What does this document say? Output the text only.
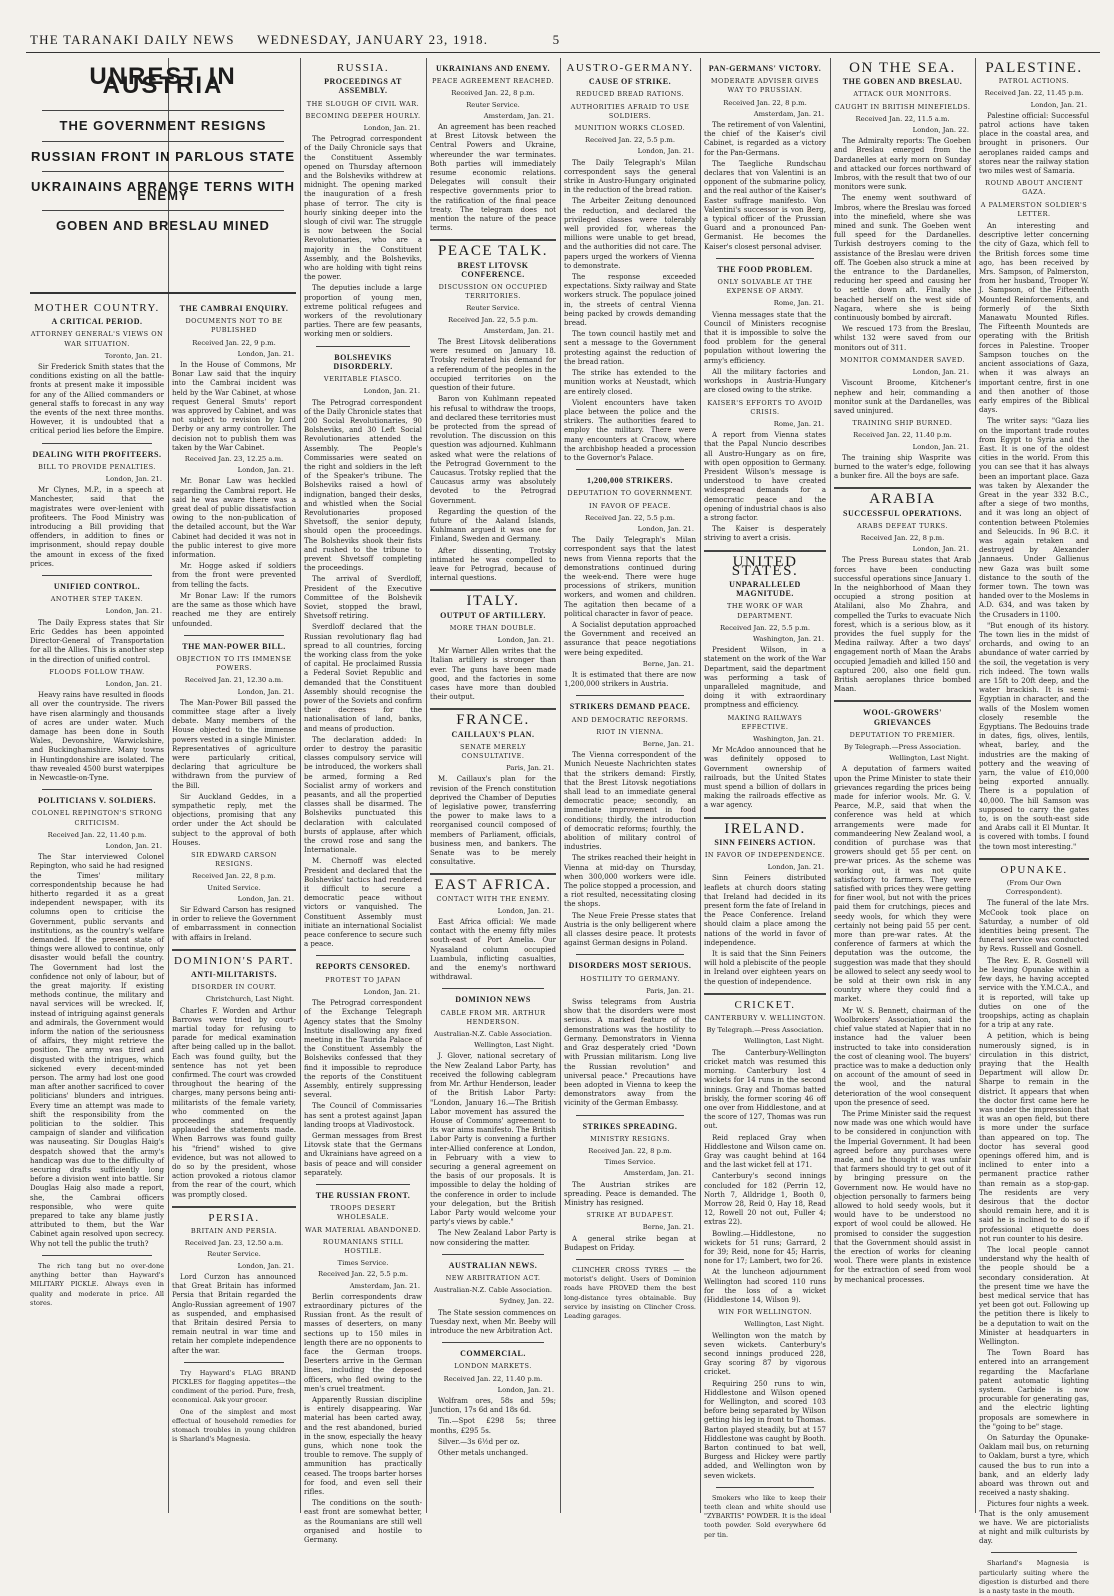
THE TARANAKI DAILY NEWS WEDNESDAY, JANUARY 23, 1918.	5
UNREST IN AUSTRIA
THE GOVERNMENT RESIGNS
RUSSIAN FRONT IN PARLOUS STATE
UKRAINAINS ARRANGE TERNS WITH ENEMY
GOBEN AND BRESLAU MINED
MOTHER COUNTRY.
A CRITICAL PERIOD.
ATTORNEY GENERAL'S VIEWS ON WAR SITUATION.
Toronto, Jan. 21.

Sir Frederick Smith states that the conditions existing on all the battle-fronts at present make it impossible for any of the Allied commanders or general staffs to forecast in any way the events of the next three months. However, it is undoubted that a critical period lies before the Empire.

DEALING WITH PROFITEERS.
BILL TO PROVIDE PENALTIES.
London, Jan. 21.

Mr Clynes, M.P., in a speech at Manchester, said that the magistrates were over-lenient with profiteers. The Food Ministry was introducing a Bill providing that offenders, in addition to fines or imprisonment, should repay double the amount in excess of the fixed prices.

UNIFIED CONTROL.
ANOTHER STEP TAKEN.
London, Jan. 21.

The Daily Express states that Sir Eric Geddes has been appointed Director-General of Transportation for all the Allies. This is another step in the direction of unified control.

FLOODS FOLLOW THAW.
London, Jan. 21.

Heavy rains have resulted in floods all over the countryside. The rivers have risen alarmingly and thousands of acres are under water. Much damage has been done in South Wales, Devonshire, Warwickshire, and Buckinghamshire. Many towns in Huntingdonshire are isolated. The thaw revealed 4500 burst waterpipes in Newcastle-on-Tyne.

POLITICIANS V. SOLDIERS.
COLONEL REPINGTON'S STRONG CRITICISM.
Received Jan. 22, 11.40 p.m.
London, Jan. 21.

The Star interviewed Colonel Repington, who said he had resigned the Times' military correspondentship because he had hitherto regarded it as a great independent newspaper, with its columns open to criticise the Government, public servants and institutions, as the country's welfare demanded. If the present state of things were allowed to continue, only disaster would befall the country. The Government had lost the confidence not only of labour, but of the great majority. If existing methods continue, the military and naval services will be wrecked. If, instead of intriguing against generals and admirals, the Government would inform the nation of the seriousness of affairs, they might retrieve the position. The army was tired and disgusted with the intrigues, which sickened every decent-minded person. The army had lost one good man after another sacrificed to cover politicians' blunders and intrigues. Every time an attempt was made to shift the responsibility from the politician to the soldier. This campaign of slander and vilification was nauseating. Sir Douglas Haig's despatch showed that the army's handicap was due to the difficulty of securing drafts sufficiently long before a division went into battle. Sir Douglas Haig also made a report, she, the Cambrai officers responsible, who were quite prepared to take any blame justly attributed to them, but the War Cabinet again resolved upon secrecy. Why not tell the public the truth?

The rich tang but no over-done anything better than Hayward's MILITARY PICKLE. Always even in quality and moderate in price. All stores.

THE CAMBRAI ENQUIRY.
DOCUMENTS NOT TO BE PUBLISHED
Received Jan. 22, 9 p.m.
London, Jan. 21.

In the House of Commons, Mr Bonar Law said that the inquiry into the Cambrai incident was held by the War Cabinet, at whose request General Smuts' report was approved by Cabinet, and was not subject to revision by Lord Derby or any army controller. The decision not to publish them was taken by the War Cabinet.

Received Jan. 23, 12.25 a.m.
London, Jan. 21.

Mr. Bonar Law was heckled regarding the Cambrai report. He said he was aware there was a great deal of public dissatisfaction owing to the non-publication of the detailed account, but the War Cabinet had decided it was not in the public interest to give more information.

Mr. Hogge asked if soldiers from the front were prevented from telling the facts.

Mr Bonar Law: If the rumors are the same as those which have reached me they are entirely unfounded.

THE MAN-POWER BILL.
OBJECTION TO ITS IMMENSE POWERS.
Received Jan. 21, 12.30 a.m.
London, Jan. 21.

The Man-Power Bill passed the committee stage after a lively debate. Many members of the House objected to the immense powers vested in a single Minister. Representatives of agriculture were particularly critical, declaring that agriculture be withdrawn from the purview of the Bill.

Sir Auckland Geddes, in a sympathetic reply, met the objections, promising that any order under the Act should be subject to the approval of both Houses.

SIR EDWARD CARSON RESIGNS.
Received Jan. 22, 8 p.m.
United Service.
London, Jan. 21.

Sir Edward Carson has resigned in order to relieve the Government of embarrassment in connection with affairs in Ireland.

DOMINION'S PART.
ANTI-MILITARISTS.
DISORDER IN COURT.
Christchurch, Last Night.

Charles F. Worden and Arthur Barrows were tried by court-martial today for refusing to parade for medical examination after being called up in the ballot. Each was found guilty, but the sentence has not yet been confirmed. The court was crowded throughout the hearing of the charges, many persons being anti-militarists of the female variety, who commented on the proceedings and frequently applauded the statements made. When Barrows was found guilty his "friend" wished to give evidence, but was not allowed to do so by the president, whose action provoked a riotous clamor from the rear of the court, which was promptly closed.

PERSIA.
BRITAIN AND PERSIA.
Received Jan. 23, 12.50 a.m.
Reuter Service.
London, Jan. 21.

Lord Curzon has announced that Great Britain has informed Persia that Britain regarded the Anglo-Russian agreement of 1907 as suspended, and emphasised that Britain desired Persia to remain neutral in war time and retain her complete independence after the war.

Try Hayward's FLAG BRAND PICKLES for flagging appetites—the condiment of the period. Pure, fresh, economical. Ask your grocer.

One of the simplest and most effectual of household remedies for stomach troubles in young children is Sharland's Magnesia.

RUSSIA.
PROCEEDINGS AT ASSEMBLY.
THE SLOUGH OF CIVIL WAR.
BECOMING DEEPER HOURLY.
London, Jan. 21.

The Petrograd correspondent of the Daily Chronicle says that the Constituent Assembly opened on Thursday afternoon and the Bolsheviks withdrew at midnight. The opening marked the inauguration of a fresh phase of terror. The city is hourly sinking deeper into the slough of civil war. The struggle is now between the Social Revolutionaries, who are a majority in the Constituent Assembly, and the Bolsheviks, who are holding with tight reins the power.

The deputies include a large proportion of young men, extreme political refugees and workers of the revolutionary parties. There are few peasants, working men or soldiers.

BOLSHEVIKS DISORDERLY.
VERITABLE FIASCO.
London, Jan. 21.

The Petrograd correspondent of the Daily Chronicle states that 200 Social Revolutionaries, 90 Bolsheviks, and 30 Left Social Revolutionaries attended the Assembly. The People's Commissaries were seated on the right and soldiers in the left of the Speaker's tribune. The Bolsheviks raised a howl of indignation, banged their desks, and whistled when the Social Revolutionaries proposed Shvetsoff, the senior deputy, should open the proceedings. The Bolsheviks shook their fists and rushed to the tribune to prevent Shvetsoff completing the proceedings.

The arrival of Sverdloff, President of the Executive Committee of the Bolshevik Soviet, stopped the brawl, Shvetsoff retiring.

Sverdloff declared that the Russian revolutionary flag had spread to all countries, forcing the working class from the yoke of capital. He proclaimed Russia a Federal Soviet Republic and demanded that the Constituent Assembly should recognise the power of the Soviets and confirm their decrees for the nationalisation of land, banks, and means of production.

The declaration added: In order to destroy the parasitic classes compulsory service will be introduced, the workers shall be armed, forming a Red Socialist army of workers and peasants, and all the propertied classes shall be disarmed. The Bolsheviks punctuated this declaration with calculated bursts of applause, after which the crowd rose and sang the Internationale.

M. Chernoff was elected President and declared that the Bolsheviks' tactics had rendered it difficult to secure a democratic peace without victors or vanquished. The Constituent Assembly must initiate an international Socialist peace conference to secure such a peace.

REPORTS CENSORED.
PROTEST TO JAPAN
London, Jan. 21.

The Petrograd correspondent of the Exchange Telegraph Agency states that the Smolny Institute disallowing any fixed meeting in the Taurida Palace of the Constituent Assembly the Bolsheviks confessed that they find it impossible to reproduce the reports of the Constituent Assembly, entirely suppressing several.

The Council of Commissaries has sent a protest against Japan landing troops at Vladivostock.

German messages from Brest Litovsk state that the Germans and Ukrainians have agreed on a basis of peace and will consider separately.

THE RUSSIAN FRONT.
TROOPS DESERT WHOLESALE.
WAR MATERIAL ABANDONED.
ROUMANIANS STILL HOSTILE.
Times Service.
Received Jan. 22, 5.5 p.m.
Amsterdam, Jan. 21.

Berlin correspondents draw extraordinary pictures of the Russian front. As the result of masses of deserters, on many sections up to 150 miles in length there are no opponents to face the German troops. Deserters arrive in the German lines, including the deposed officers, who fled owing to the men's cruel treatment.

Apparently Russian discipline is entirely disappearing. War material has been carted away, and the rest abandoned, buried in the snow, especially the heavy guns, which none took the trouble to remove. The supply of ammunition has practically ceased. The troops barter horses for food, and even sell their rifles.

The conditions on the south-east front are somewhat better, as the Roumanians are still well organised and hostile to Germany.

UKRAINIANS AND ENEMY.
PEACE AGREEMENT REACHED.
Received Jan. 22, 8 p.m.
Reuter Service.
Amsterdam, Jan. 21.

An agreement has been reached at Brest Litovsk between the Central Powers and Ukraine, whereunder the war terminates. Both parties will immediately resume economic relations. Delegates will consult their respective governments prior to the ratification of the final peace treaty. The telegram does not mention the nature of the peace terms.

PEACE TALK.
BREST LITOVSK CONFERENCE.
DISCUSSION ON OCCUPIED TERRITORIES.
Reuter Service.
Received Jan. 22, 5.5 p.m.
Amsterdam, Jan. 21.

The Brest Litovsk deliberations were resumed on January 18. Trotsky reiterated his demand for a referendum of the peoples in the occupied territories on the question of their future.

Baron von Kuhlmann repeated his refusal to withdraw the troops, and declared these territories must be protected from the spread of revolution. The discussion on this question was adjourned. Kuhlmann asked what were the relations of the Petrograd Government to the Caucasus. Trotsky replied that the Caucasus army was absolutely devoted to the Petrograd Government.

Regarding the question of the future of the Aaland Islands, Kuhlmann argued it was one for Finland, Sweden and Germany.

After dissenting, Trotsky intimated he was compelled to leave for Petrograd, because of internal questions.

ITALY.
OUTPUT OF ARTILLERY.
MORE THAN DOUBLE.
London, Jan. 21.

Mr Warner Allen writes that the Italian artillery is stronger than ever. The guns have been made good, and the factories in some cases have more than doubled their output.

FRANCE.
CAILLAUX'S PLAN.
SENATE MERELY CONSULTATIVE.
Paris, Jan. 21.

M. Caillaux's plan for the revision of the French constitution deprived the Chamber of Deputies of legislative power, transferring the power to make laws to a reorganised council composed of members of Parliament, officials, business men, and bankers. The Senate was to be merely consultative.

EAST AFRICA.
CONTACT WITH THE ENEMY.
London, Jan. 21.

East Africa official: We made contact with the enemy fifty miles south-east of Port Amelia. Our Nyasaland column occupied Luambula, inflicting casualties, and the enemy's northward withdrawal.

DOMINION NEWS
CABLE FROM MR. ARTHUR HENDERSON.
Australian-N.Z. Cable Association.
Wellington, Last Night.

J. Glover, national secretary of the New Zealand Labor Party, has received the following cablegram from Mr. Arthur Henderson, leader of the British Labor Party: "London, January 16.—The British Labor movement has assured the House of Commons' agreement to its war aims manifesto. The British Labor Party is convening a further inter-Allied conference at London, in February with a view to securing a general agreement on the basis of our proposals. It is impossible to delay the holding of the conference in order to include your delegation, but the British Labor Party would welcome your party's views by cable."

The New Zealand Labor Party is now considering the matter.

AUSTRALIAN NEWS.
NEW ARBITRATION ACT.
Australian-N.Z. Cable Association.
Sydney, Jan. 22.

The State session commences on Tuesday next, when Mr. Beeby will introduce the new Arbitration Act.

COMMERCIAL.
LONDON MARKETS.
Received Jan. 22, 11.40 p.m.
London, Jan. 21.

Wolfram ores, 58s and 59s; Junction, 17s 6d and 18s 6d.

Tin.—Spot £298 5s; three months, £295 5s.

Silver.—3s 6½d per oz.

Other metals unchanged.

AUSTRO-GERMANY.
CAUSE OF STRIKE.
REDUCED BREAD RATIONS.
AUTHORITIES AFRAID TO USE SOLDIERS.
MUNITION WORKS CLOSED.
Received Jan. 22, 5.5 p.m.
London, Jan. 21.

The Daily Telegraph's Milan correspondent says the general strike in Austro-Hungary originated in the reduction of the bread ration.

The Arbeiter Zeitung denounced the reduction, and declared the privileged classes were tolerably well provided for, whereas the millions were unable to get bread, and the authorities did not care. The papers urged the workers of Vienna to demonstrate.

The response exceeded expectations. Sixty railway and State workers struck. The populace joined in, the streets of central Vienna being packed by crowds demanding bread.

The town council hastily met and sent a message to the Government protesting against the reduction of the bread ration.

The strike has extended to the munition works at Neustadt, which are entirely closed.

Violent encounters have taken place between the police and the strikers. The authorities feared to employ the military. There were many encounters at Cracow, where the archbishop headed a procession to the Governor's Palace.

1,200,000 STRIKERS.
DEPUTATION TO GOVERNMENT.
IN FAVOR OF PEACE.
Received Jan. 22, 5.5 p.m.
London, Jan. 21.

The Daily Telegraph's Milan correspondent says that the latest news from Vienna reports that the demonstrations continued during the week-end. There were huge processions of strikers, munition workers, and women and children. The agitation then became of a political character in favor of peace.

A Socialist deputation approached the Government and received an assurance that peace negotiations were being expedited.

Berne, Jan. 21.

It is estimated that there are now 1,200,000 strikers in Austria.

STRIKERS DEMAND PEACE.
AND DEMOCRATIC REFORMS.
RIOT IN VIENNA.
Berne, Jan. 21.

The Vienna correspondent of the Munich Neueste Nachrichten states that the strikers demand: Firstly, that the Brest Litovsk negotiations shall lead to an immediate general democratic peace; secondly, an immediate improvement in food conditions; thirdly, the introduction of democratic reforms; fourthly, the abolition of military control of industries.

The strikes reached their height in Vienna at mid-day on Thursday, when 300,000 workers were idle. The police stopped a procession, and a riot resulted, necessitating closing the shops.

The Neue Freie Presse states that Austria is the only belligerent where all classes desire peace. It protests against German designs in Poland.

DISORDERS MOST SERIOUS.
HOSTILITY TO GERMANY.
Paris, Jan. 21.

Swiss telegrams from Austria show that the disorders were most serious. A marked feature of the demonstrations was the hostility to Germany. Demonstrators in Vienna and Graz desperately cried "Down with Prussian militarism. Long live the Russian revolution" and universal peace." Precautions have been adopted in Vienna to keep the demonstrators away from the vicinity of the German Embassy.

STRIKES SPREADING.
MINISTRY RESIGNS.
Received Jan. 22, 8 p.m.
Times Service.
Amsterdam, Jan. 21.

The Austrian strikes are spreading. Peace is demanded. The Ministry has resigned.

STRIKE AT BUDAPEST.
Berne, Jan. 21.

A general strike began at Budapest on Friday.

CLINCHER CROSS TYRES — the motorist's delight. Users of Dominion roads have PROVED them the best long-distance tyres obtainable. Buy service by insisting on Clincher Cross. Leading garages.

PAN-GERMANS' VICTORY.
MODERATE ADVISER GIVES WAY TO PRUSSIAN.
Received Jan. 22, 8 p.m.
Amsterdam, Jan. 21.

The retirement of von Valentini, the chief of the Kaiser's civil Cabinet, is regarded as a victory for the Pan-Germans.

The Taegliche Rundschau declares that von Valentini is an opponent of the submarine policy, and the real author of the Kaiser's Easter suffrage manifesto. Von Valentini's successor is von Berg, a typical officer of the Prussian Guard and a pronounced Pan-Germanist. He becomes the Kaiser's closest personal adviser.

THE FOOD PROBLEM.
ONLY SOLVABLE AT THE EXPENSE OF ARMY.
Rome, Jan. 21.

Vienna messages state that the Council of Ministers recognise that it is impossible to solve the food problem for the general population without lowering the army's efficiency.

All the military factories and workshops in Austria-Hungary are closed owing to the strike.

KAISER'S EFFORTS TO AVOID CRISIS.
Rome, Jan. 21.

A report from Vienna states that the Papal Nuncio describes all Austro-Hungary as on fire, with open opposition to Germany. President Wilson's message is understood to have created widespread demands for a democratic peace and the opening of industrial chaos is also a strong factor.

The Kaiser is desperately striving to avert a crisis.

UNITED STATES.
UNPARALLELED MAGNITUDE.
THE WORK OF WAR DEPARTMENT.
Received Jan. 22, 5.5 p.m.
Washington, Jan. 21.

President Wilson, in a statement on the work of the War Department, said the department was performing a task of unparalleled magnitude, and doing it with extraordinary promptness and efficiency.

MAKING RAILWAYS EFFECTIVE.
Washington, Jan. 21.

Mr McAdoo announced that he was definitely opposed to Government ownership of railroads, but the United States must spend a billion of dollars in making the railroads effective as a war agency.

IRELAND.
SINN FEINERS ACTION.
IN FAVOR OF INDEPENDENCE.
London, Jan. 21.

Sinn Feiners distributed leaflets at church doors stating that Ireland had decided in its present form the fate of Ireland in the Peace Conference. Ireland should claim a place among the nations of the world in favor of independence.

It is said that the Sinn Feiners will hold a plebiscite of the people in Ireland over eighteen years on the question of independence.

CRICKET.
CANTERBURY V. WELLINGTON.
By Telegraph.—Press Association.
Wellington, Last Night.

The Canterbury-Wellington cricket match was resumed this morning. Canterbury lost 4 wickets for 14 runs in the second innings. Gray and Thomas batted briskly, the former scoring 46 off one over from Hiddlestone, and at the score of 127, Thomas was run out.

Reid replaced Gray when Hiddlestone and Wilson came on. Gray was caught behind at 164 and the last wicket fell at 171.

Canterbury's second innings concluded for 182 (Perrin 12, North 7, Alldridge 1, Booth 0, Morrow 28, Reid 0, Hay 18, Read 12, Rowell 20 not out, Fuller 4; extras 22).

Bowling.—Hiddlestone, no wickets for 51 runs; Garrard, 2 for 39; Reid, none for 45; Harris, none for 17; Lambert, two for 26.

At the luncheon adjournment Wellington had scored 110 runs for the loss of a wicket (Hiddlestone 14, Wilson 9).

WIN FOR WELLINGTON.
Wellington, Last Night.

Wellington won the match by seven wickets. Canterbury's second innings produced 228, Gray scoring 87 by vigorous cricket.

Requiring 250 runs to win, Hiddlestone and Wilson opened for Wellington, and scored 103 before being separated by Wilson getting his leg in front to Thomas. Barton played steadily, but at 157 Hiddlestone was caught by Booth. Barton continued to bat well, Burgess and Hickey were partly added, and Wellington won by seven wickets.

Smokers who like to keep their teeth clean and white should use "ZYBARTIS" POWDER. It is the ideal tooth powder. Sold everywhere 6d per tin.

ON THE SEA.
THE GOBEN AND BRESLAU.
ATTACK OUR MONITORS.
CAUGHT IN BRITISH MINEFIELDS.
Received Jan. 22, 11.5 a.m.
London, Jan. 22.

The Admiralty reports: The Goeben and Breslau emerged from the Dardanelles at early morn on Sunday and attacked our forces northward of Imbros, with the result that two of our monitors were sunk.

The enemy went southward of Imbros, where the Breslau was forced into the minefield, where she was mined and sunk. The Goeben went full speed for the Dardanelles. Turkish destroyers coming to the assistance of the Breslau were driven off. The Goeben also struck a mine at the entrance to the Dardanelles, reducing her speed and causing her to settle down aft. Finally she beached herself on the west side of Nagara, where she is being continuously bombed by aircraft.

We rescued 173 from the Breslau, whilst 132 were saved from our monitors out of 311.

MONITOR COMMANDER SAVED.
London, Jan. 21.

Viscount Broome, Kitchener's nephew and heir, commanding a monitor sunk at the Dardanelles, was saved uninjured.

TRAINING SHIP BURNED.
Received Jan. 22, 11.40 p.m.
London, Jan. 21.

The training ship Wasprite was burned to the water's edge, following a bunker fire. All the boys are safe.

ARABIA
SUCCESSFUL OPERATIONS.
ARABS DEFEAT TURKS.
Received Jan. 22, 8 p.m.
London, Jan. 21.

The Press Bureau states that Arab forces have been conducting successful operations since January 1. In the neighborhood of Maan they occupied a strong position at Atalilani, also Mo Zhahra, and compelled the Turks to evacuate Nich forest, which is a serious blow, as it provides the fuel supply for the Medina railway. After a two days' engagement north of Maan the Arabs occupied Jemadieh and killed 150 and captured 200, also one field gun. British aeroplanes thrice bombed Maan.

WOOL-GROWERS' GRIEVANCES
DEPUTATION TO PREMIER.
By Telegraph.—Press Association.
Wellington, Last Night.

A deputation of farmers waited upon the Prime Minister to state their grievances regarding the prices being made for inferior wools. Mr. G. V. Pearce, M.P., said that when the conference was held at which arrangements were made for commandeering New Zealand wool, a condition of purchase was that growers should get 55 per cent. on pre-war prices. As the scheme was working out, it was not quite satisfactory to farmers. They were satisfied with prices they were getting for finer wool, but not with the prices paid them for crutchings, pieces and seedy wools, for which they were certainly not being paid 55 per cent. more than pre-war rates. At the conference of farmers at which the deputation was the outcome, the suggestion was made that they should be allowed to select any seedy wool to be sold at their own risk in any country where they could find a market.

Mr W. S. Bennett, chairman of the Woolbrokers' Association, said the chief value stated at Napier that in no instance had the valuer been instructed to take into consideration the cost of cleaning wool. The buyers' practice was to make a deduction only on account of the amount of seed in the wool, and the natural deterioration of the wool consequent upon the presence of seed.

The Prime Minister said the request now made was one which would have to be considered in conjunction with the Imperial Government. It had been agreed before any purchases were made, and he thought it was unfair that farmers should try to get out of it by bringing pressure on the Government now. He would have no objection personally to farmers being allowed to hold seedy wools, but it would have to be understood no export of wool could be allowed. He promised to consider the suggestion that the Government should assist in the erection of works for cleaning wool. There were plants in existence for the extraction of seed from wool by mechanical processes.

PALESTINE.
PATROL ACTIONS.
Received Jan. 22, 11.45 p.m.
London, Jan. 21.

Palestine official: Successful patrol actions have taken place in the coastal area, and brought in prisoners. Our aeroplanes raided camps and stores near the railway station two miles west of Samaria.

ROUND ABOUT ANCIENT GAZA.
A PALMERSTON SOLDIER'S LETTER.

An interesting and descriptive letter concerning the city of Gaza, which fell to the British forces some time ago, has been received by Mrs. Sampson, of Palmerston, from her husband, Trooper W. J. Sampson, of the Fifteenth Mounted Reinforcements, and formerly of the Sixth Manawatu Mounted Rifles. The Fifteenth Mounteds are operating with the British forces in Palestine. Trooper Sampson touches on the ancient associations of Gaza, when it was always an important centre, first in one and then another of those early empires of the Biblical days.

The writer says: "Gaza lies on the important trade routes from Egypt to Syria and the East. It is one of the oldest cities in the world. From this you can see that it has always been an important place. Gaza was taken by Alexander the Great in the year 332 B.C., after a siege of two months, and it was long an object of contention between Ptolemies and Seleucids. In 96 B.C. it was again retaken and destroyed by Alexander Jannaeus. Under Gallienus new Gaza was built some distance to the south of the former town. The town was handed over to the Moslems in A.D. 634, and was taken by the Crusaders in 1100.

"But enough of its history. The town lies in the midst of orchards, and owing to an abundance of water carried by the soil, the vegetation is very rich indeed. The town walls are 15ft to 20ft deep, and the water brackish. It is semi-Egyptian in character, and the walls of the Moslem women closely resemble the Egyptians. The Bedouins trade in dates, figs, olives, lentils, wheat, barley, and the industries are the making of pottery and the weaving of yarn, the value of £10,000 being exported annually. There is a population of 40,000. The hill Samson was supposed to carry the gates to, is on the south-east side and Arabs call it El Muntar. It is covered with tombs. I found the town most interesting."

OPUNAKE.
(From Our Own Correspondent).

The funeral of the late Mrs. McCook took place on Saturday, a number of old identities being present. The funeral service was conducted by Revs. Russell and Gosnell.

The Rev. E. R. Gosnell will be leaving Opunake within a few days, he having accepted service with the Y.M.C.A., and it is reported, will take up duties on one of the troopships, acting as chaplain for a trip at any rate.

A petition, which is being numerously signed, is in circulation in this district, praying that the Health Department will allow Dr. Sharpe to remain in the district. It appears that when the doctor first came here he was under the impression that it was an open field, but there is more under the surface than appeared on top. The doctor has several good openings offered him, and is inclined to enter into a permanent practice rather than remain as a stop-gap. The residents are very desirous that the doctor should remain here, and it is said he is inclined to do so if professional etiquette does not run counter to his desire.

The local people cannot understand why the health of the people should be a secondary consideration. At the present time we have the best medical service that has yet been got out. Following up the petition there is likely to be a deputation to wait on the Minister at headquarters in Wellington.

The Town Board has entered into an arrangement regarding the Macfarlane patent automatic lighting system. Carbide is now procurable for generating gas, and the electric lighting proposals are somewhere in the "going to be" stage.

On Saturday the Opunake-Oaklam mail bus, on returning to Oaklam, burst a tyre, which caused the bus to run into a bank, and an elderly lady aboard was thrown out and received a nasty shaking.

Pictures four nights a week. That is the only amusement we have. We are pictorialists at night and milk culturists by day.

Sharland's Magnesia is particularly suiting where the digestion is disturbed and there is a nasty taste in the mouth.
